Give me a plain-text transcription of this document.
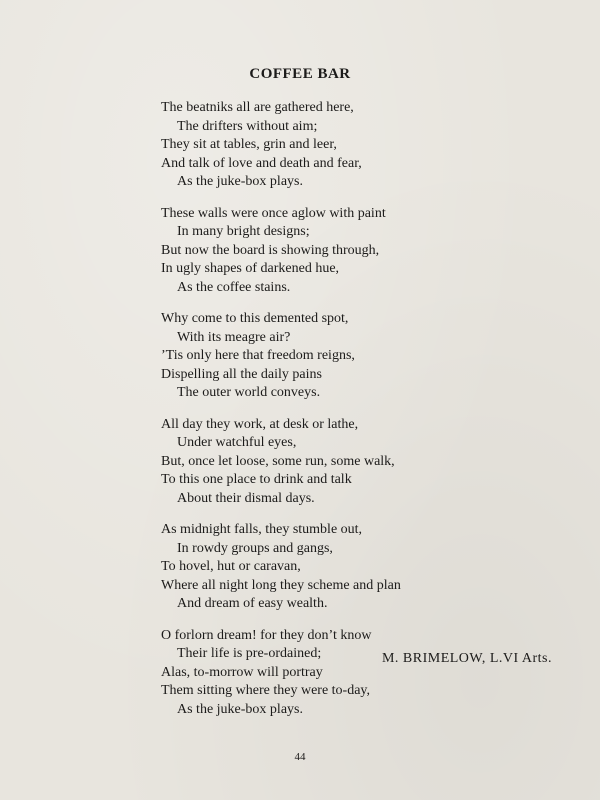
COFFEE BAR
The beatniks all are gathered here,
The drifters without aim;
They sit at tables, grin and leer,
And talk of love and death and fear,
As the juke-box plays.
These walls were once aglow with paint
In many bright designs;
But now the board is showing through,
In ugly shapes of darkened hue,
As the coffee stains.
Why come to this demented spot,
With its meagre air?
’Tis only here that freedom reigns,
Dispelling all the daily pains
The outer world conveys.
All day they work, at desk or lathe,
Under watchful eyes,
But, once let loose, some run, some walk,
To this one place to drink and talk
About their dismal days.
As midnight falls, they stumble out,
In rowdy groups and gangs,
To hovel, hut or caravan,
Where all night long they scheme and plan
And dream of easy wealth.
O forlorn dream! for they don’t know
Their life is pre-ordained;
Alas, to-morrow will portray
Them sitting where they were to-day,
As the juke-box plays.
M. BRIMELOW, L.VI Arts.
44
